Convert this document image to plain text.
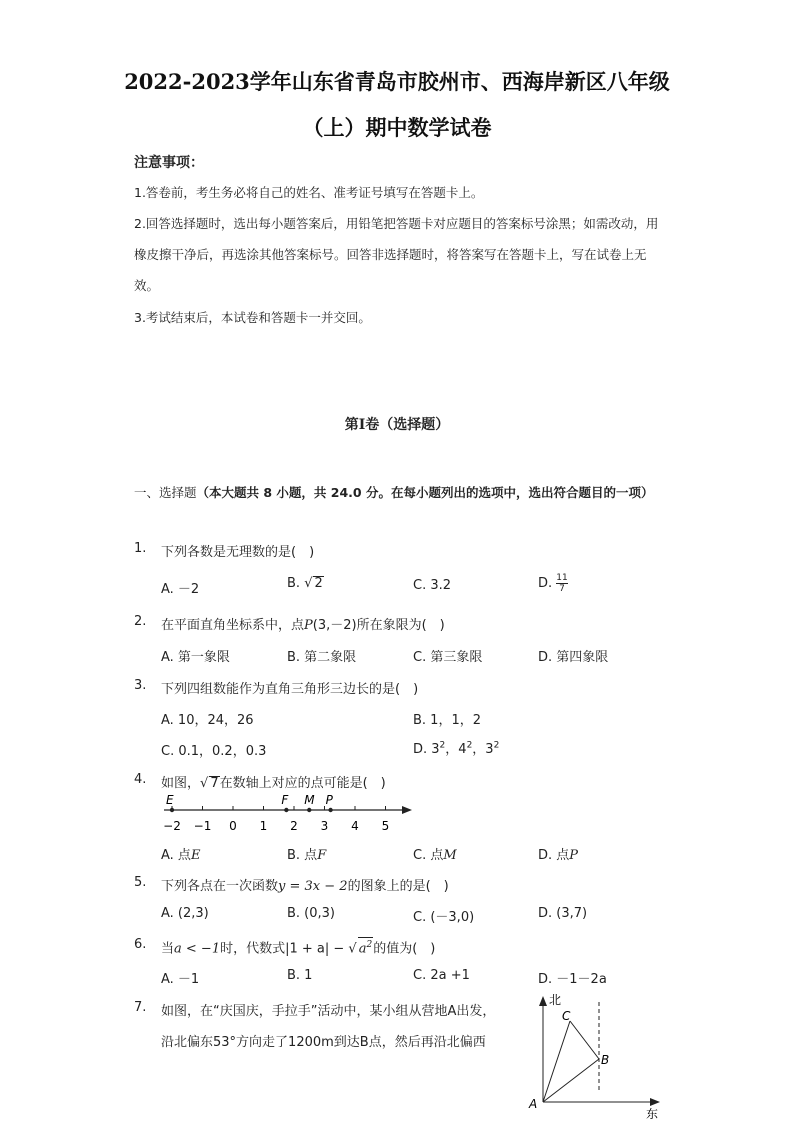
2022-2023学年山东省青岛市胶州市、西海岸新区八年级
（上）期中数学试卷
注意事项：
1.答卷前，考生务必将自己的姓名、准考证号填写在答题卡上。
2.回答选择题时，选出每小题答案后，用铅笔把答题卡对应题目的答案标号涂黑；如需改动，用橡皮擦干净后，再选涂其他答案标号。回答非选择题时，将答案写在答题卡上，写在试卷上无效。
3.考试结束后，本试卷和答题卡一并交回。
第Ⅰ卷（选择题）
一、选择题（本大题共 8 小题，共 24.0 分。在每小题列出的选项中，选出符合题目的一项）
1.	下列各数是无理数的是(　)
A. －2	B. √ 2	C. 3.2	D. $\frac{11}{7}$
2.	在平面直角坐标系中，点P(3,－2)所在象限为(　)
A. 第一象限	B. 第二象限	C. 第三象限	D. 第四象限
3.	下列四组数能作为直角三角形三边长的是(　)
A. 10，24，26	B. 1，1，2
C. 0.1，0.2，0.3	D. $3^2$，$4^2$，$3^2$
4.	如图，√ 7在数轴上对应的点可能是(　)
−2 −1 0 1 2 3 4 5
E	F M P
A. 点E	B. 点F	C. 点M	D. 点P
5.	下列各点在一次函数y = 3x − 2的图象上的是(　)
A. (2,3)	B. (0,3)	C. (－3,0)	D. (3,7)
6.	当a < −1时，代数式|1 + a| − √ $a^2$的值为(　)
A. －1	B. 1	C. 2a +1	D. －1－2a
7.	如图，在“庆国庆，手拉手”活动中，某小组从营地A出发，
沿北偏东53°方向走了1200m到达B点，然后再沿北偏西
北
东
A
B
C
